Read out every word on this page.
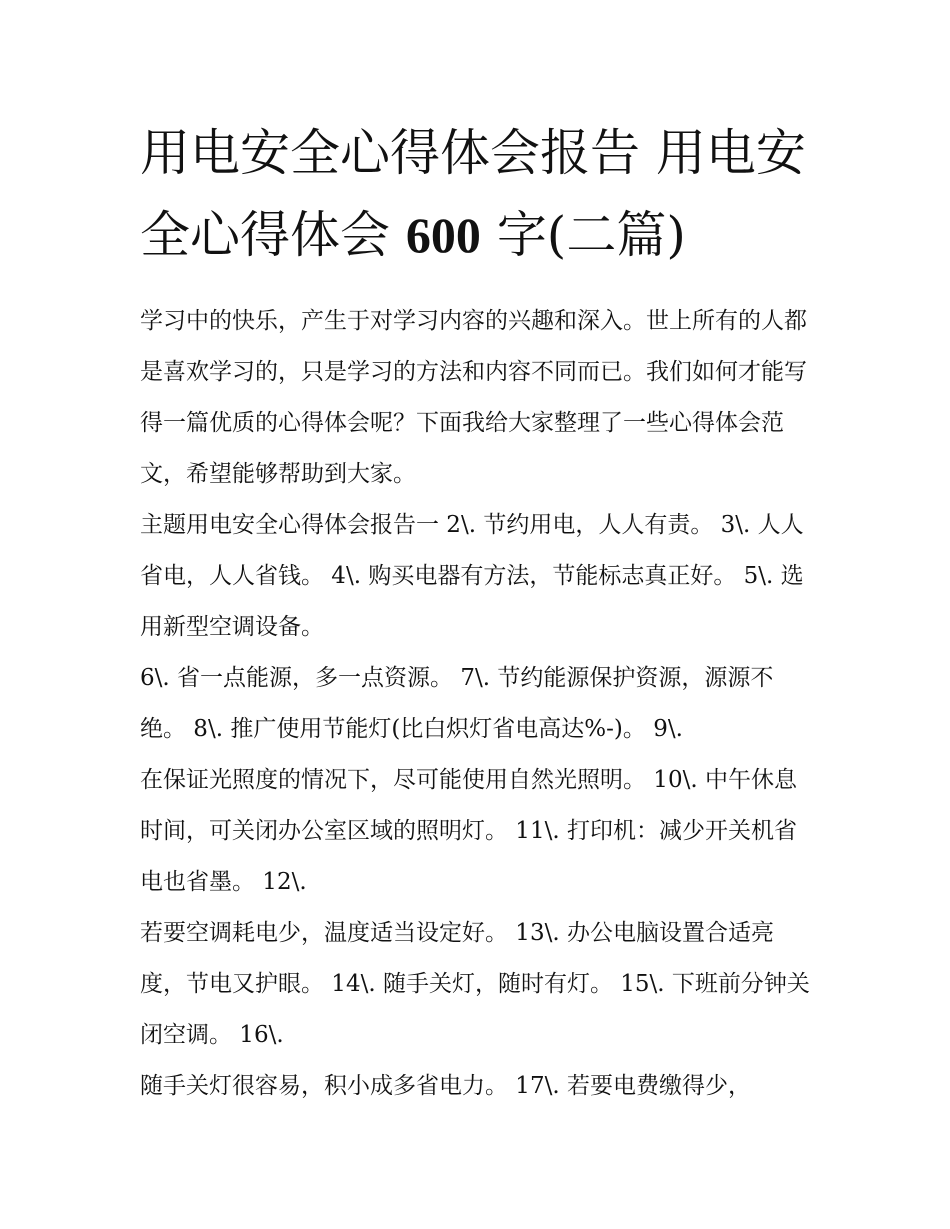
用电安全心得体会报告 用电安全心得体会 600 字(二篇)

学习中的快乐，产生于对学习内容的兴趣和深入。世上所有的人都是喜欢学习的，只是学习的方法和内容不同而已。我们如何才能写得一篇优质的心得体会呢？下面我给大家整理了一些心得体会范文，希望能够帮助到大家。

主题用电安全心得体会报告一 2\. 节约用电，人人有责。 3\. 人人省电，人人省钱。 4\. 购买电器有方法，节能标志真正好。 5\. 选用新型空调设备。

6\. 省一点能源，多一点资源。 7\. 节约能源保护资源，源源不绝。 8\. 推广使用节能灯(比白炽灯省电高达%-)。 9\.

在保证光照度的情况下，尽可能使用自然光照明。 10\. 中午休息时间，可关闭办公室区域的照明灯。 11\. 打印机：减少开关机省电也省墨。 12\.

若要空调耗电少，温度适当设定好。 13\. 办公电脑设置合适亮度，节电又护眼。 14\. 随手关灯，随时有灯。 15\. 下班前分钟关闭空调。 16\.

随手关灯很容易，积小成多省电力。 17\. 若要电费缴得少，
